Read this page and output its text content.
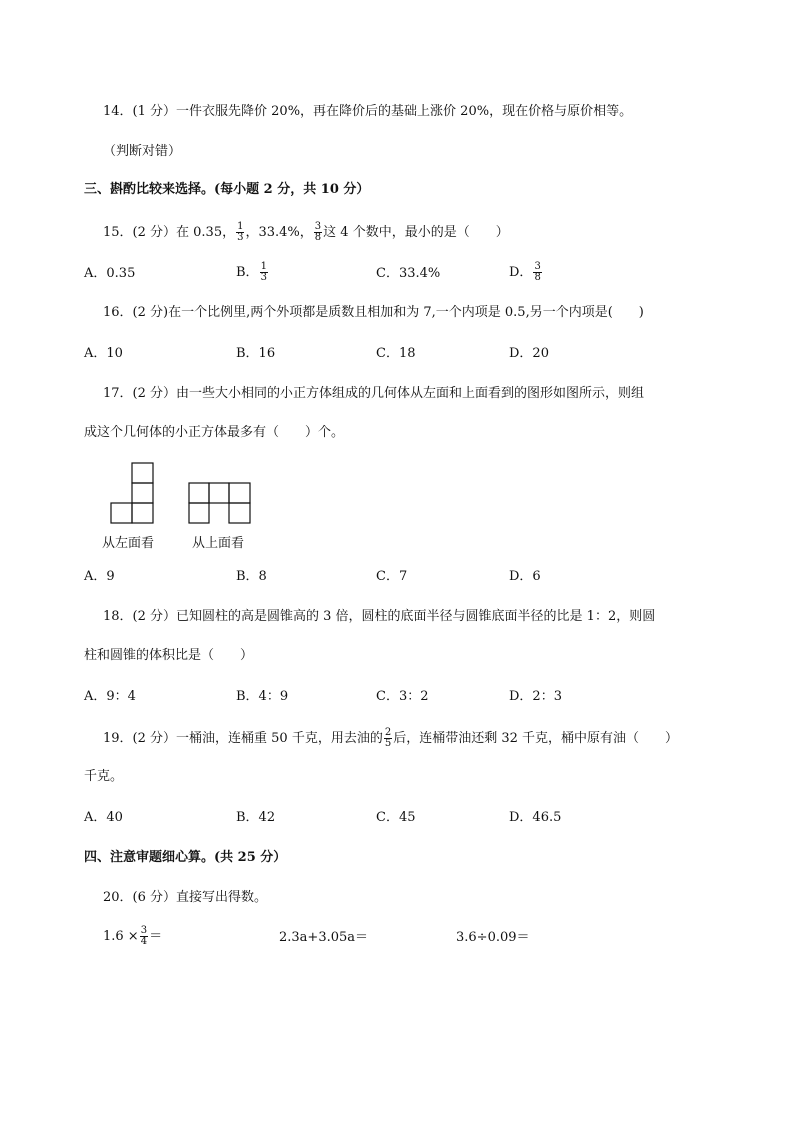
14．(1 分）一件衣服先降价 20%，再在降价后的基础上涨价 20%，现在价格与原价相等。
（判断对错）
三、斟酌比较来选择。(每小题 2 分，共 10 分）
15．(2 分）在 0.35， $\frac{1}{3}$ ，33.4%， $\frac{3}{8}$ 这 4 个数中，最小的是（　　）
A．0.35	B． $\frac{1}{3}$	C．33.4%	D． $\frac{3}{8}$
16．(2 分)在一个比例里,两个外项都是质数且相加和为 7,一个内项是 0.5,另一个内项是(　　)
A．10	B．16	C．18	D．20
17．(2 分）由一些大小相同的小正方体组成的几何体从左面和上面看到的图形如图所示，则组
成这个几何体的小正方体最多有（　　）个。
从左面看	从上面看
A．9	B．8	C．7	D．6
18．(2 分）已知圆柱的高是圆锥高的 3 倍，圆柱的底面半径与圆锥底面半径的比是 1：2，则圆
柱和圆锥的体积比是（　　）
A．9：4	B．4：9	C．3：2	D．2：3
19．(2 分）一桶油，连桶重 50 千克，用去油的 $\frac{2}{5}$ 后，连桶带油还剩 32 千克，桶中原有油（　　）
千克。
A．40	B．42	C．45	D．46.5
四、注意审题细心算。(共 25 分）
20．(6 分）直接写出得数。
$1.6 \times \frac{3}{4}$ ＝	2.3a+3.05a＝	3.6÷0.09＝
